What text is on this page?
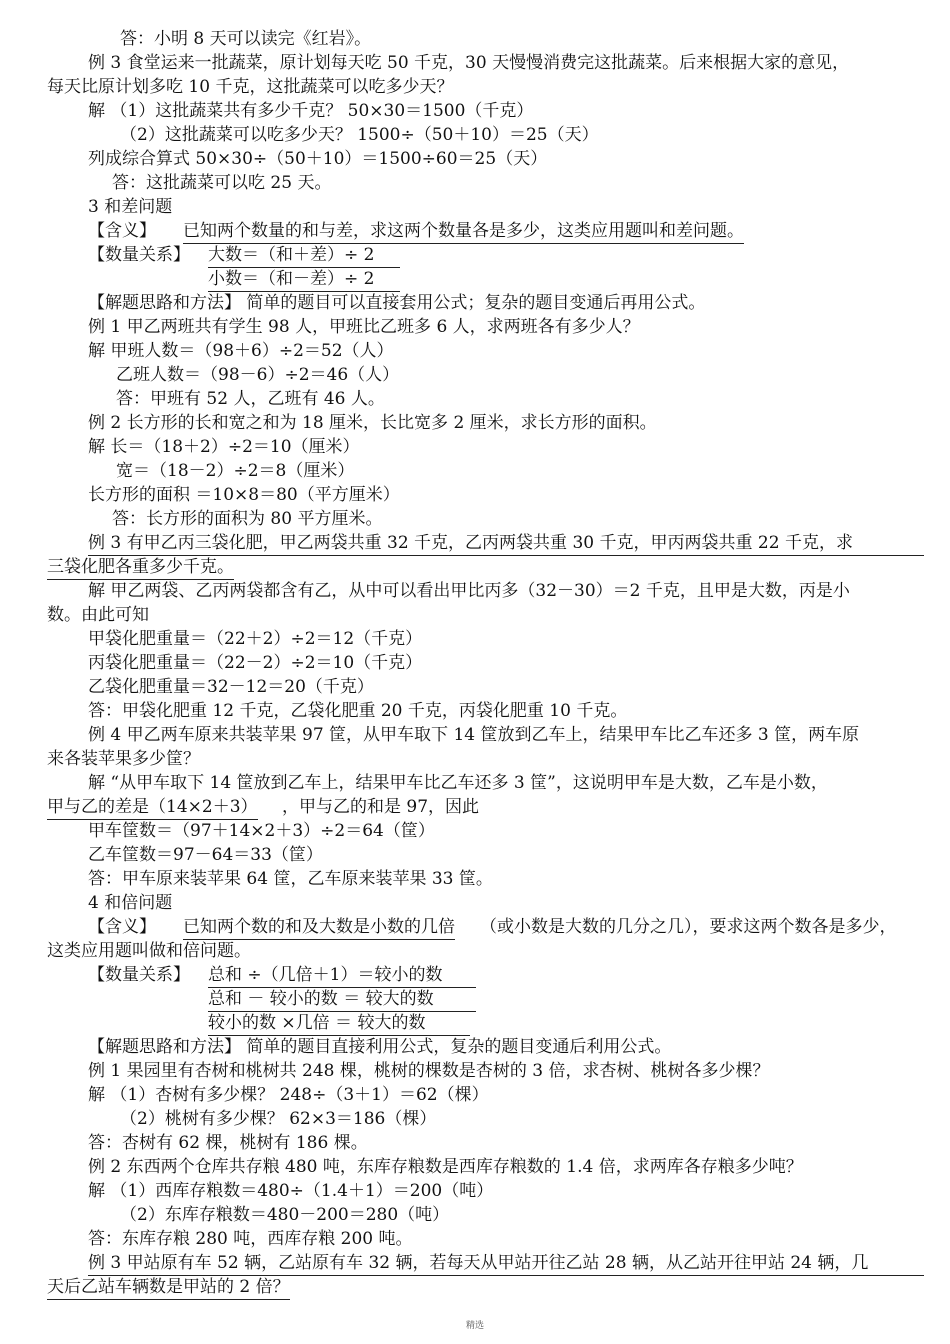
答：小明 8 天可以读完《红岩》。
例 3 食堂运来一批蔬菜，原计划每天吃 50 千克，30 天慢慢消费完这批蔬菜。后来根据大家的意见，
每天比原计划多吃 10 千克，这批蔬菜可以吃多少天？
解 （1）这批蔬菜共有多少千克？ 50×30＝1500（千克）
（2）这批蔬菜可以吃多少天？ 1500÷（50＋10）＝25（天）
列成综合算式 50×30÷（50＋10）＝1500÷60＝25（天）
答：这批蔬菜可以吃 25 天。
3 和差问题
【含义】 已知两个数量的和与差，求这两个数量各是多少，这类应用题叫和差问题。
【数量关系】 大数＝（和＋差）÷ 2
小数＝（和－差）÷ 2
【解题思路和方法】 简单的题目可以直接套用公式；复杂的题目变通后再用公式。
例 1 甲乙两班共有学生 98 人，甲班比乙班多 6 人，求两班各有多少人？
解 甲班人数＝（98＋6）÷2＝52（人）
乙班人数＝（98－6）÷2＝46（人）
答：甲班有 52 人，乙班有 46 人。
例 2 长方形的长和宽之和为 18 厘米，长比宽多 2 厘米，求长方形的面积。
解 长＝（18＋2）÷2＝10（厘米）
宽＝（18－2）÷2＝8（厘米）
长方形的面积 ＝10×8＝80（平方厘米）
答：长方形的面积为 80 平方厘米。
例 3 有甲乙丙三袋化肥，甲乙两袋共重 32 千克，乙丙两袋共重 30 千克，甲丙两袋共重 22 千克，求
三袋化肥各重多少千克。
解 甲乙两袋、乙丙两袋都含有乙，从中可以看出甲比丙多（32－30）＝2 千克，且甲是大数，丙是小
数。由此可知
甲袋化肥重量＝（22＋2）÷2＝12（千克）
丙袋化肥重量＝（22－2）÷2＝10（千克）
乙袋化肥重量＝32－12＝20（千克）
答：甲袋化肥重 12 千克，乙袋化肥重 20 千克，丙袋化肥重 10 千克。
例 4 甲乙两车原来共装苹果 97 筐，从甲车取下 14 筐放到乙车上，结果甲车比乙车还多 3 筐，两车原
来各装苹果多少筐？
解 “从甲车取下 14 筐放到乙车上，结果甲车比乙车还多 3 筐”，这说明甲车是大数，乙车是小数，
甲与乙的差是（14×2＋3） ，甲与乙的和是 97，因此
甲车筐数＝（97＋14×2＋3）÷2＝64（筐）
乙车筐数＝97－64＝33（筐）
答：甲车原来装苹果 64 筐，乙车原来装苹果 33 筐。
4 和倍问题
【含义】 已知两个数的和及大数是小数的几倍 （或小数是大数的几分之几），要求这两个数各是多少，
这类应用题叫做和倍问题。
【数量关系】 总和 ÷（几倍＋1）＝较小的数
总和 － 较小的数 ＝ 较大的数
较小的数 ×几倍 ＝ 较大的数
【解题思路和方法】 简单的题目直接利用公式，复杂的题目变通后利用公式。
例 1 果园里有杏树和桃树共 248 棵，桃树的棵数是杏树的 3 倍，求杏树、桃树各多少棵？
解 （1）杏树有多少棵？ 248÷（3＋1）＝62（棵）
（2）桃树有多少棵？ 62×3＝186（棵）
答：杏树有 62 棵，桃树有 186 棵。
例 2 东西两个仓库共存粮 480 吨，东库存粮数是西库存粮数的 1.4 倍，求两库各存粮多少吨？
解 （1）西库存粮数＝480÷（1.4＋1）＝200（吨）
（2）东库存粮数＝480－200＝280（吨）
答：东库存粮 280 吨，西库存粮 200 吨。
例 3 甲站原有车 52 辆，乙站原有车 32 辆，若每天从甲站开往乙站 28 辆，从乙站开往甲站 24 辆，几
天后乙站车辆数是甲站的 2 倍？
精选
